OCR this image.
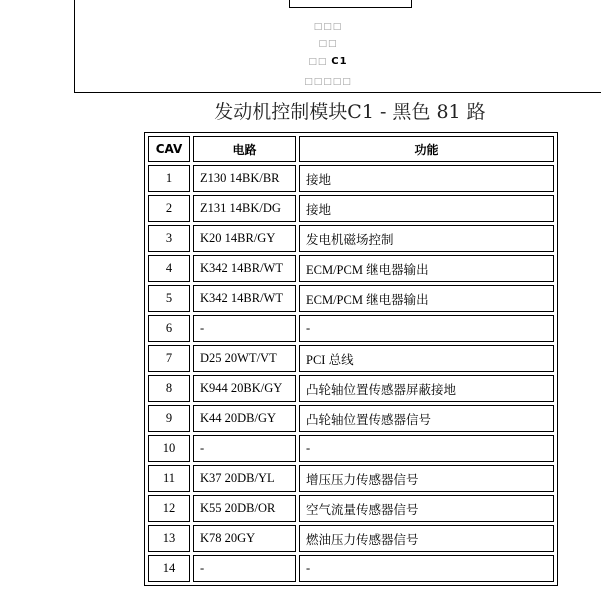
□□□
□□
□□ C1
□□□□□
发动机控制模块C1 - 黑色 81 路
CAV	电路	功能
1	Z130 14BK/BR	接地
2	Z131 14BK/DG	接地
3	K20 14BR/GY	发电机磁场控制
4	K342 14BR/WT	ECM/PCM 继电器输出
5	K342 14BR/WT	ECM/PCM 继电器输出
6	-	-
7	D25 20WT/VT	PCI 总线
8	K944 20BK/GY	凸轮轴位置传感器屏蔽接地
9	K44 20DB/GY	凸轮轴位置传感器信号
10	-	-
11	K37 20DB/YL	增压压力传感器信号
12	K55 20DB/OR	空气流量传感器信号
13	K78 20GY	燃油压力传感器信号
14	-	-
